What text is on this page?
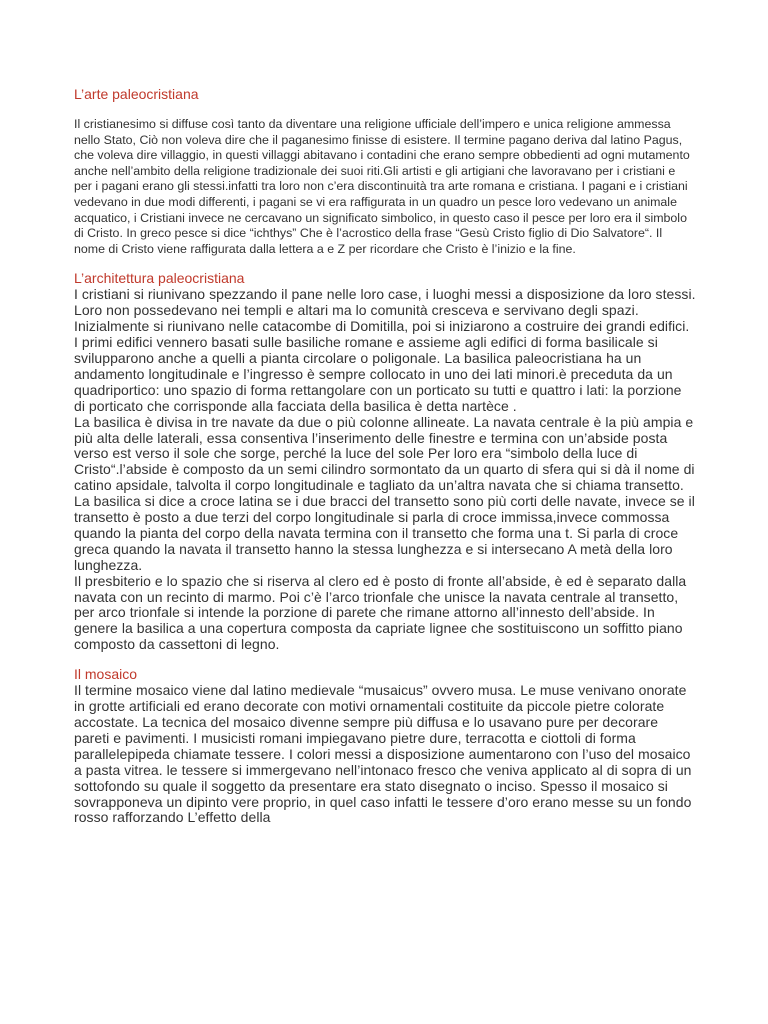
L’arte paleocristiana

Il cristianesimo si diffuse così tanto da diventare una religione ufficiale dell’impero e unica religione ammessa nello Stato, Ciò non voleva dire che il paganesimo finisse di esistere. Il termine pagano deriva dal latino Pagus, che voleva dire villaggio, in questi villaggi abitavano i contadini che erano sempre obbedienti ad ogni mutamento anche nell’ambito della religione tradizionale dei suoi riti.Gli artisti e gli artigiani che lavoravano per i cristiani e per i pagani erano gli stessi.infatti tra loro non c’era discontinuità tra arte romana e cristiana. I pagani e i cristiani vedevano in due modi differenti, i pagani se vi era raffigurata in un quadro un pesce loro vedevano un animale acquatico, i Cristiani invece ne cercavano un significato simbolico, in questo caso il pesce per loro era il simbolo di Cristo. In greco pesce si dice “ichthys” Che è l’acrostico della frase “Gesù Cristo figlio di Dio Salvatore“. Il nome di Cristo viene raffigurata dalla lettera a e Z per ricordare che Cristo è l’inizio e la fine.

L’architettura paleocristiana

I cristiani si riunivano spezzando il pane nelle loro case, i luoghi messi a disposizione da loro stessi. Loro non possedevano nei templi e altari ma lo comunità cresceva e servivano degli spazi. Inizialmente si riunivano nelle catacombe di Domitilla, poi si iniziarono a costruire dei grandi edifici. I primi edifici vennero basati sulle basiliche romane e assieme agli edifici di forma basilicale si svilupparono anche a quelli a pianta circolare o poligonale. La basilica paleocristiana ha un andamento longitudinale e l’ingresso è sempre collocato in uno dei lati minori.è preceduta da un quadriportico: uno spazio di forma rettangolare con un porticato su tutti e quattro i lati: la porzione di porticato che corrisponde alla facciata della basilica è detta nartèce .

La basilica è divisa in tre navate da due o più colonne allineate. La navata centrale è la più ampia e più alta delle laterali, essa consentiva l’inserimento delle finestre e termina con un’abside posta verso est verso il sole che sorge, perché la luce del sole Per loro era “simbolo della luce di Cristo“.l’abside è composto da un semi cilindro sormontato da un quarto di sfera qui si dà il nome di catino apsidale, talvolta il corpo longitudinale e tagliato da un’altra navata che si chiama transetto.

La basilica si dice a croce latina se i due bracci del transetto sono più corti delle navate, invece se il transetto è posto a due terzi del corpo longitudinale si parla di croce immissa,invece commossa quando la pianta del corpo della navata termina con il transetto che forma una t. Si parla di croce greca quando la navata il transetto hanno la stessa lunghezza e si intersecano A metà della loro lunghezza.

Il presbiterio e lo spazio che si riserva al clero ed è posto di fronte all’abside, è ed è separato dalla navata con un recinto di marmo. Poi c’è l’arco trionfale che unisce la navata centrale al transetto, per arco trionfale si intende la porzione di parete che rimane attorno all’innesto dell’abside. In genere la basilica a una copertura composta da capriate lignee che sostituiscono un soffitto piano composto da cassettoni di legno.

Il mosaico

Il termine mosaico viene dal latino medievale “musaicus” ovvero musa. Le muse venivano onorate in grotte artificiali ed erano decorate con motivi ornamentali costituite da piccole pietre colorate accostate. La tecnica del mosaico divenne sempre più diffusa e lo usavano pure per decorare pareti e pavimenti. I musicisti romani impiegavano pietre dure, terracotta e ciottoli di forma parallelepipeda chiamate tessere. I colori messi a disposizione aumentarono con l’uso del mosaico a pasta vitrea. le tessere si immergevano nell’intonaco fresco che veniva applicato al di sopra di un sottofondo su quale il soggetto da presentare era stato disegnato o inciso. Spesso il mosaico si sovrapponeva un dipinto vere proprio, in quel caso infatti le tessere d’oro erano messe su un fondo rosso rafforzando L’effetto della
